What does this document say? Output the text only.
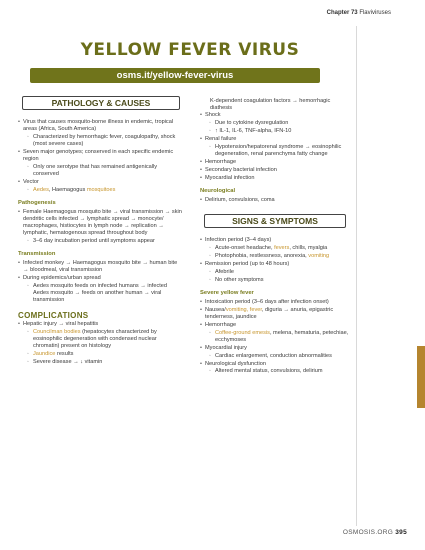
Chapter 73 Flaviviruses
YELLOW FEVER VIRUS
osms.it/yellow-fever-virus
PATHOLOGY & CAUSES
• Virus that causes mosquito-borne illness in endemic, tropical areas (Africa, South America)
◦ Characterized by hemorrhagic fever, coagulopathy, shock (most severe cases)
• Seven major genotypes; conserved in each specific endemic region
◦ Only one serotype that has remained antigenically conserved
• Vector
◦ Aedes, Haemagogus mosquitoes
Pathogenesis
• Female Haemagogus mosquito bite → viral transmission → skin dendritic cells infected → lymphatic spread → monocyte/ macrophages, histiocytes in lymph node → replication → lymphatic, hematogenous spread throughout body
◦ 3–6 day incubation period until symptoms appear
Transmission
• Infected monkey → Haemagogus mosquito bite → human bite → bloodmeal, viral transmission
• During epidemics/urban spread
◦ Aedes mosquito feeds on infected humans → infected Aedes mosquito → feeds on another human → viral transmission
COMPLICATIONS
• Hepatic injury → viral hepatitis
◦ Councilman bodies (hepatocytes characterized by eosinophilic degeneration with condensed nuclear chromatin) present on histology
◦ Jaundice results
◦ Severe disease → ↓ vitamin
K-dependent coagulation factors → hemorrhagic diathesis
• Shock
◦ Due to cytokine dysregulation
◦ ↑ IL-1, IL-6, TNF-alpha, IFN-10
• Renal failure
◦ Hypotension/hepatorenal syndrome → eosinophilic degeneration, renal parenchyma fatty change
• Hemorrhage
• Secondary bacterial infection
• Myocardial infection
Neurological
• Delirium, convulsions, coma
SIGNS & SYMPTOMS
• Infection period (3–4 days)
◦ Acute-onset headache, fevers, chills, myalgia
◦ Photophobia, restlessness, anorexia, vomiting
• Remission period (up to 48 hours)
◦ Afebrile
◦ No other symptoms
Severe yellow fever
• Intoxication period (3–6 days after infection onset)
• Nausea/vomiting, fever, diguria → anuria, epigastric tenderness, jaundice
• Hemorrhage
◦ Coffee-ground emesis, melena, hematuria, petechiae, ecchymoses
• Myocardial injury
◦ Cardiac enlargement, conduction abnormalities
• Neurological dysfunction
◦ Altered mental status, convulsions, delirium
OSMOSIS.ORG 395
